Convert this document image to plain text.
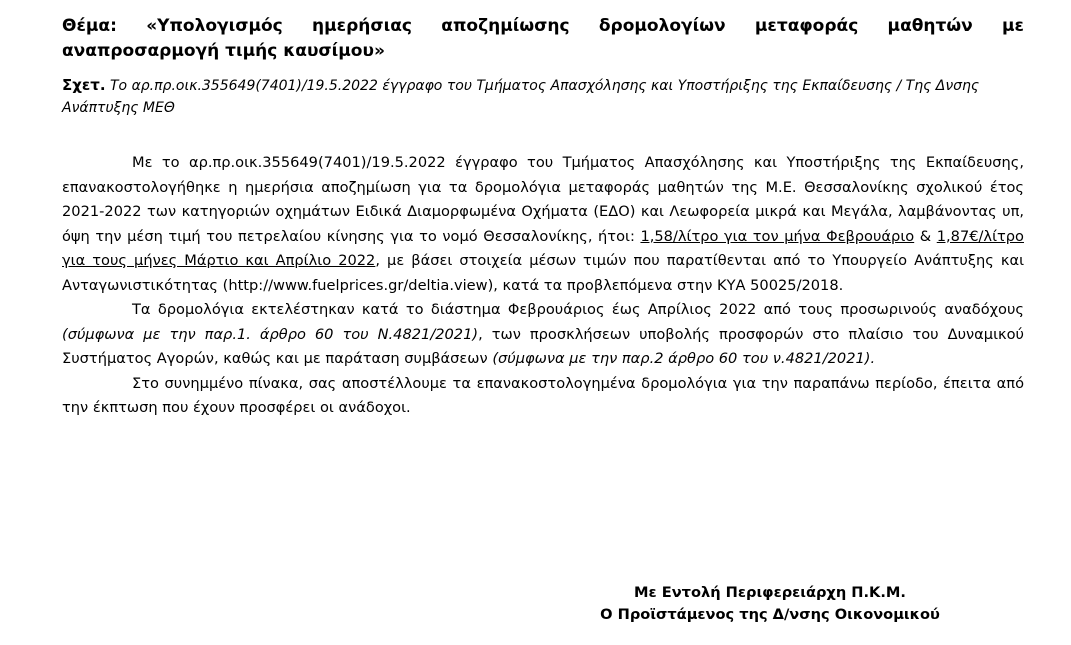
Θέμα: «Υπολογισμός ημερήσιας αποζημίωσης δρομολογίων μεταφοράς μαθητών με
αναπροσαρμογή τιμής καυσίμου»
Σχετ. Το αρ.πρ.οικ.355649(7401)/19.5.2022 έγγραφο του Τμήματος Απασχόλησης και Υποστήριξης της Εκπαίδευσης / Της Δνσης Ανάπτυξης ΜΕΘ

Με το αρ.πρ.οικ.355649(7401)/19.5.2022 έγγραφο του Τμήματος Απασχόλησης και Υποστήριξης της Εκπαίδευσης, επανακοστολογήθηκε η ημερήσια αποζημίωση για τα δρομολόγια μεταφοράς μαθητών της Μ.Ε. Θεσσαλονίκης σχολικού έτος 2021-2022 των κατηγοριών οχημάτων Ειδικά Διαμορφωμένα Οχήματα (ΕΔΟ) και Λεωφορεία μικρά και Μεγάλα, λαμβάνοντας υπ, όψη την μέση τιμή του πετρελαίου κίνησης για το νομό Θεσσαλονίκης, ήτοι: 1,58/λίτρο για τον μήνα Φεβρουάριο & 1,87€/λίτρο για τους μήνες Μάρτιο και Απρίλιο 2022, με βάσει στοιχεία μέσων τιμών που παρατίθενται από το Υπουργείο Ανάπτυξης και Ανταγωνιστικότητας (http://www.fuelprices.gr/deltia.view), κατά τα προβλεπόμενα στην ΚΥΑ 50025/2018.

Τα δρομολόγια εκτελέστηκαν κατά το διάστημα Φεβρουάριος έως Απρίλιος 2022 από τους προσωρινούς αναδόχους (σύμφωνα με την παρ.1. άρθρο 60 του Ν.4821/2021), των προσκλήσεων υποβολής προσφορών στο πλαίσιο του Δυναμικού Συστήματος Αγορών, καθώς και με παράταση συμβάσεων (σύμφωνα με την παρ.2 άρθρο 60 του ν.4821/2021).

Στο συνημμένο πίνακα, σας αποστέλλουμε τα επανακοστολογημένα δρομολόγια για την παραπάνω περίοδο, έπειτα από την έκπτωση που έχουν προσφέρει οι ανάδοχοι.

Με Εντολή Περιφερειάρχη Π.Κ.Μ.
Ο Προϊστάμενος της Δ/νσης Οικονομικού
